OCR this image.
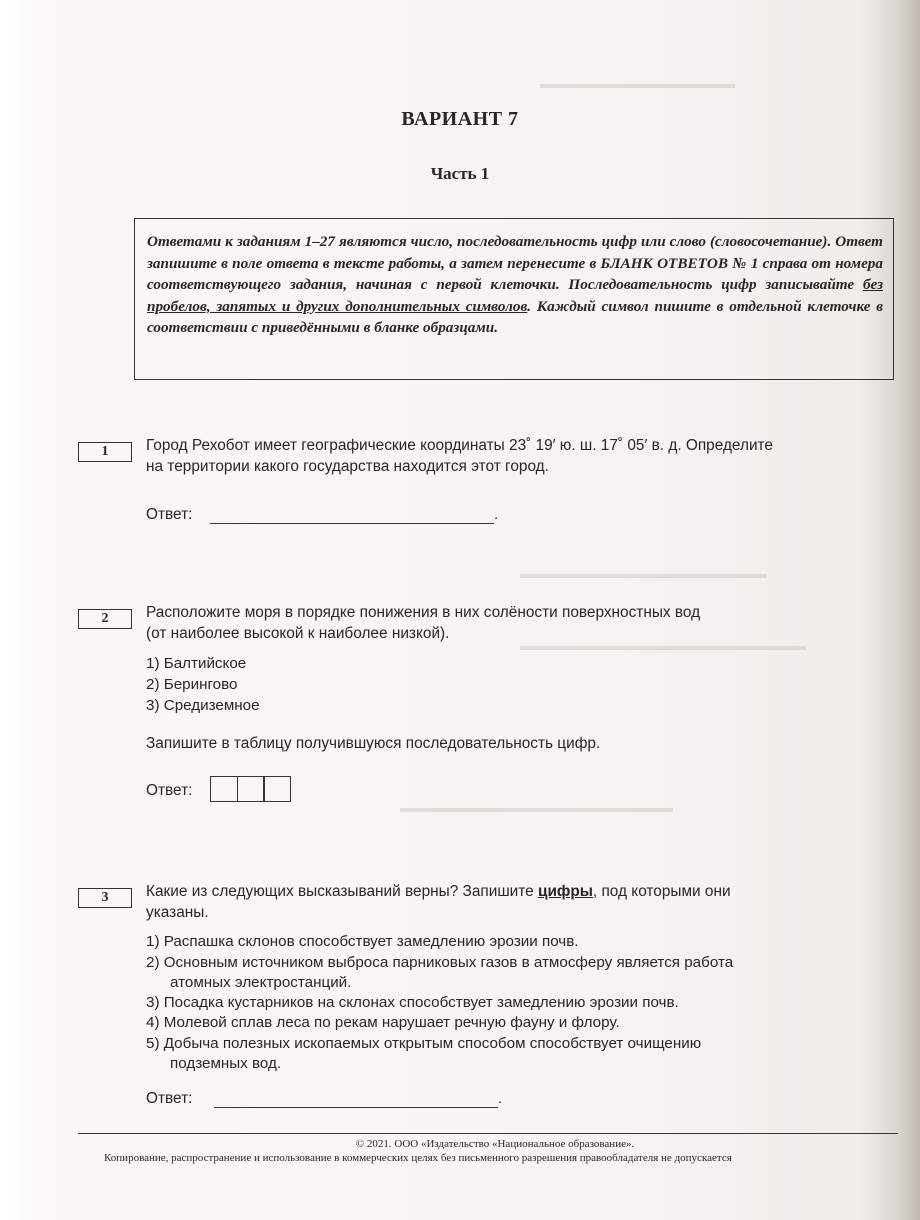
▬▬▬▬▬▬▬▬▬▬▬▬▬▬▬
▬▬▬▬▬▬▬▬▬▬▬▬▬▬▬▬▬▬▬
▬▬▬▬▬▬▬▬▬▬▬▬▬▬▬▬▬▬▬▬▬▬
▬▬▬▬▬▬▬▬▬▬▬▬▬▬▬▬▬▬▬▬▬
ВАРИАНТ 7
Часть 1
Ответами к заданиям 1–27 являются число, последовательность цифр или слово (словосочетание). Ответ запишите в поле ответа в тексте работы, а затем перенесите в БЛАНК ОТВЕТОВ № 1 справа от номера соответствующего задания, начиная с первой клеточки. Последовательность цифр записывайте без пробелов, запятых и других дополнительных символов. Каждый символ пишите в отдельной клеточке в соответствии с приведёнными в бланке образцами.
1	Город Рехобот имеет географические координаты 23˚ 19′ ю. ш. 17˚ 05′ в. д. Определите
на территории какого государства находится этот город.
Ответ:	.
2	Расположите моря в порядке понижения в них солёности поверхностных вод
(от наиболее высокой к наиболее низкой).
1) Балтийское
2) Берингово
3) Средиземное
Запишите в таблицу получившуюся последовательность цифр.
Ответ:
3	Какие из следующих высказываний верны? Запишите цифры, под которыми они
указаны.
1) Распашка склонов способствует замедлению эрозии почв.
2) Основным источником выброса парниковых газов в атмосферу является работа
атомных электростанций.
3) Посадка кустарников на склонах способствует замедлению эрозии почв.
4) Молевой сплав леса по рекам нарушает речную фауну и флору.
5) Добыча полезных ископаемых открытым способом способствует очищению
подземных вод.
Ответ:	.
© 2021. ООО «Издательство «Национальное образование».
Копирование, распространение и использование в коммерческих целях без письменного разрешения правообладателя не допускается
